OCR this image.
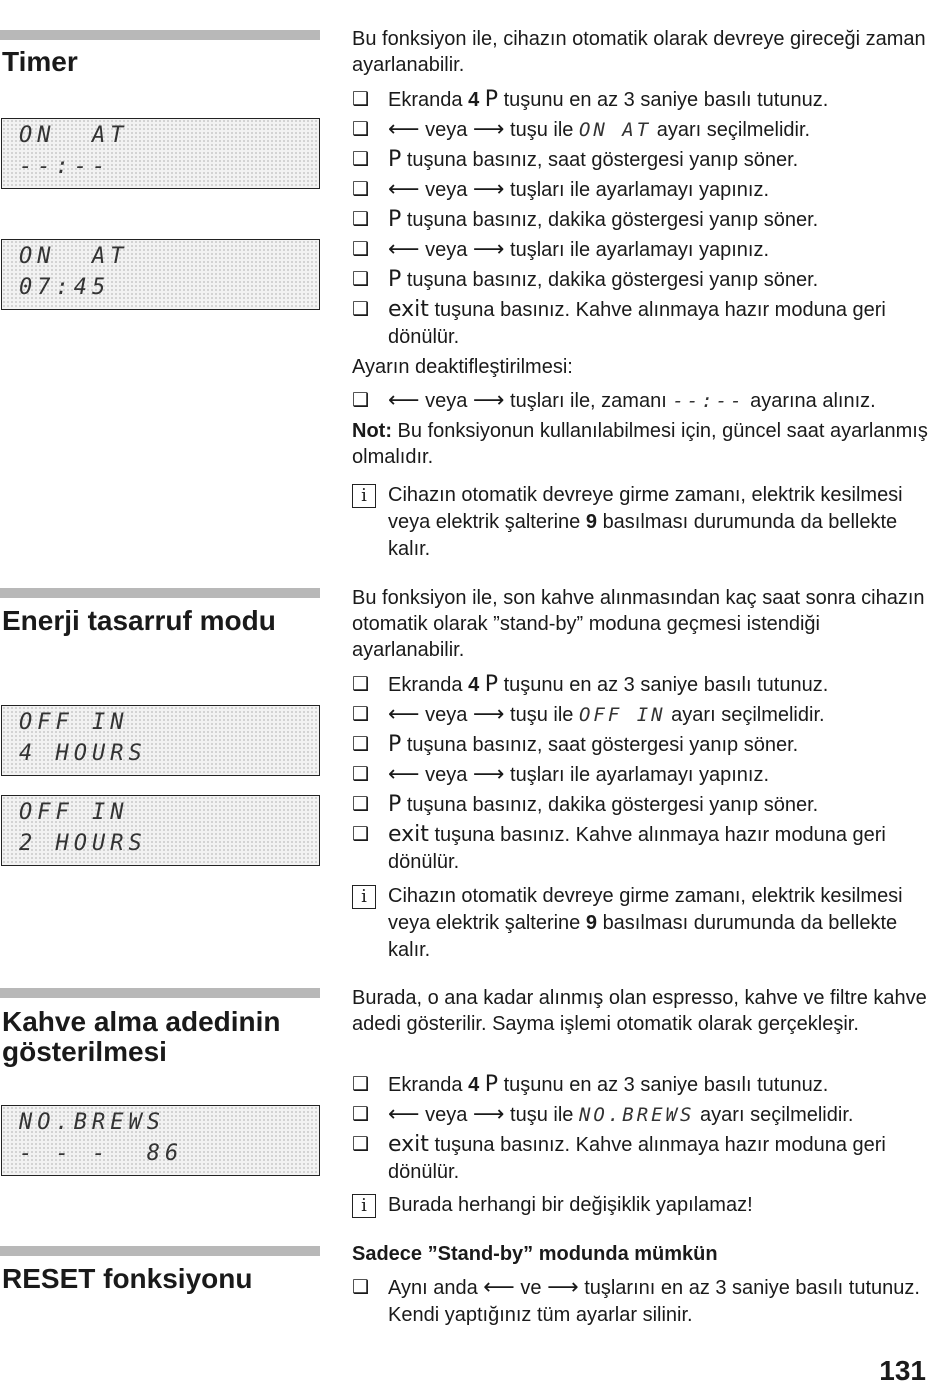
Timer
ON  AT
--:--
ON  AT
07:45
Bu fonksiyon ile, cihazın otomatik olarak devreye gireceği zaman ayarlanabilir.
❑ Ekranda 4 P tuşunu en az 3 saniye basılı tutunuz.
❑ ⟵ veya ⟶ tuşu ile ON AT ayarı seçilmelidir.
❑ P tuşuna basınız, saat göstergesi yanıp söner.
❑ ⟵ veya ⟶ tuşları ile ayarlamayı yapınız.
❑ P tuşuna basınız, dakika göstergesi yanıp söner.
❑ ⟵ veya ⟶ tuşları ile ayarlamayı yapınız.
❑ P tuşuna basınız, dakika göstergesi yanıp söner.
❑ exit tuşuna basınız. Kahve alınmaya hazır moduna geri dönülür.
Ayarın deaktifleştirilmesi:
❑ ⟵ veya ⟶ tuşları ile, zamanı --:-- ayarına alınız.
Not: Bu fonksiyonun kullanılabilmesi için, güncel saat ayarlanmış olmalıdır.
i	Cihazın otomatik devreye girme zamanı, elektrik kesilmesi veya elektrik şalterine 9 basılması durumunda da bellekte kalır.
Enerji tasarruf modu
OFF IN
4 HOURS
OFF IN
2 HOURS
Bu fonksiyon ile, son kahve alınmasından kaç saat sonra cihazın otomatik olarak ”stand-by” moduna geçmesi istendiği ayarlanabilir.
❑ Ekranda 4 P tuşunu en az 3 saniye basılı tutunuz.
❑ ⟵ veya ⟶ tuşu ile OFF IN ayarı seçilmelidir.
❑ P tuşuna basınız, saat göstergesi yanıp söner.
❑ ⟵ veya ⟶ tuşları ile ayarlamayı yapınız.
❑ P tuşuna basınız, dakika göstergesi yanıp söner.
❑ exit tuşuna basınız. Kahve alınmaya hazır moduna geri dönülür.
i	Cihazın otomatik devreye girme zamanı, elektrik kesilmesi veya elektrik şalterine 9 basılması durumunda da bellekte kalır.
Kahve alma adedinin
gösterilmesi
NO.BREWS
- - -  86
Burada, o ana kadar alınmış olan espresso, kahve ve filtre kahve adedi gösterilir. Sayma işlemi otomatik olarak gerçekleşir.
❑ Ekranda 4 P tuşunu en az 3 saniye basılı tutunuz.
❑ ⟵ veya ⟶ tuşu ile NO.BREWS ayarı seçilmelidir.
❑ exit tuşuna basınız. Kahve alınmaya hazır moduna geri dönülür.
i	Burada herhangi bir değişiklik yapılamaz!
RESET fonksiyonu
Sadece ”Stand-by” modunda mümkün
❑ Aynı anda ⟵ ve ⟶ tuşlarını en az 3 saniye basılı tutunuz. Kendi yaptığınız tüm ayarlar silinir.
131
